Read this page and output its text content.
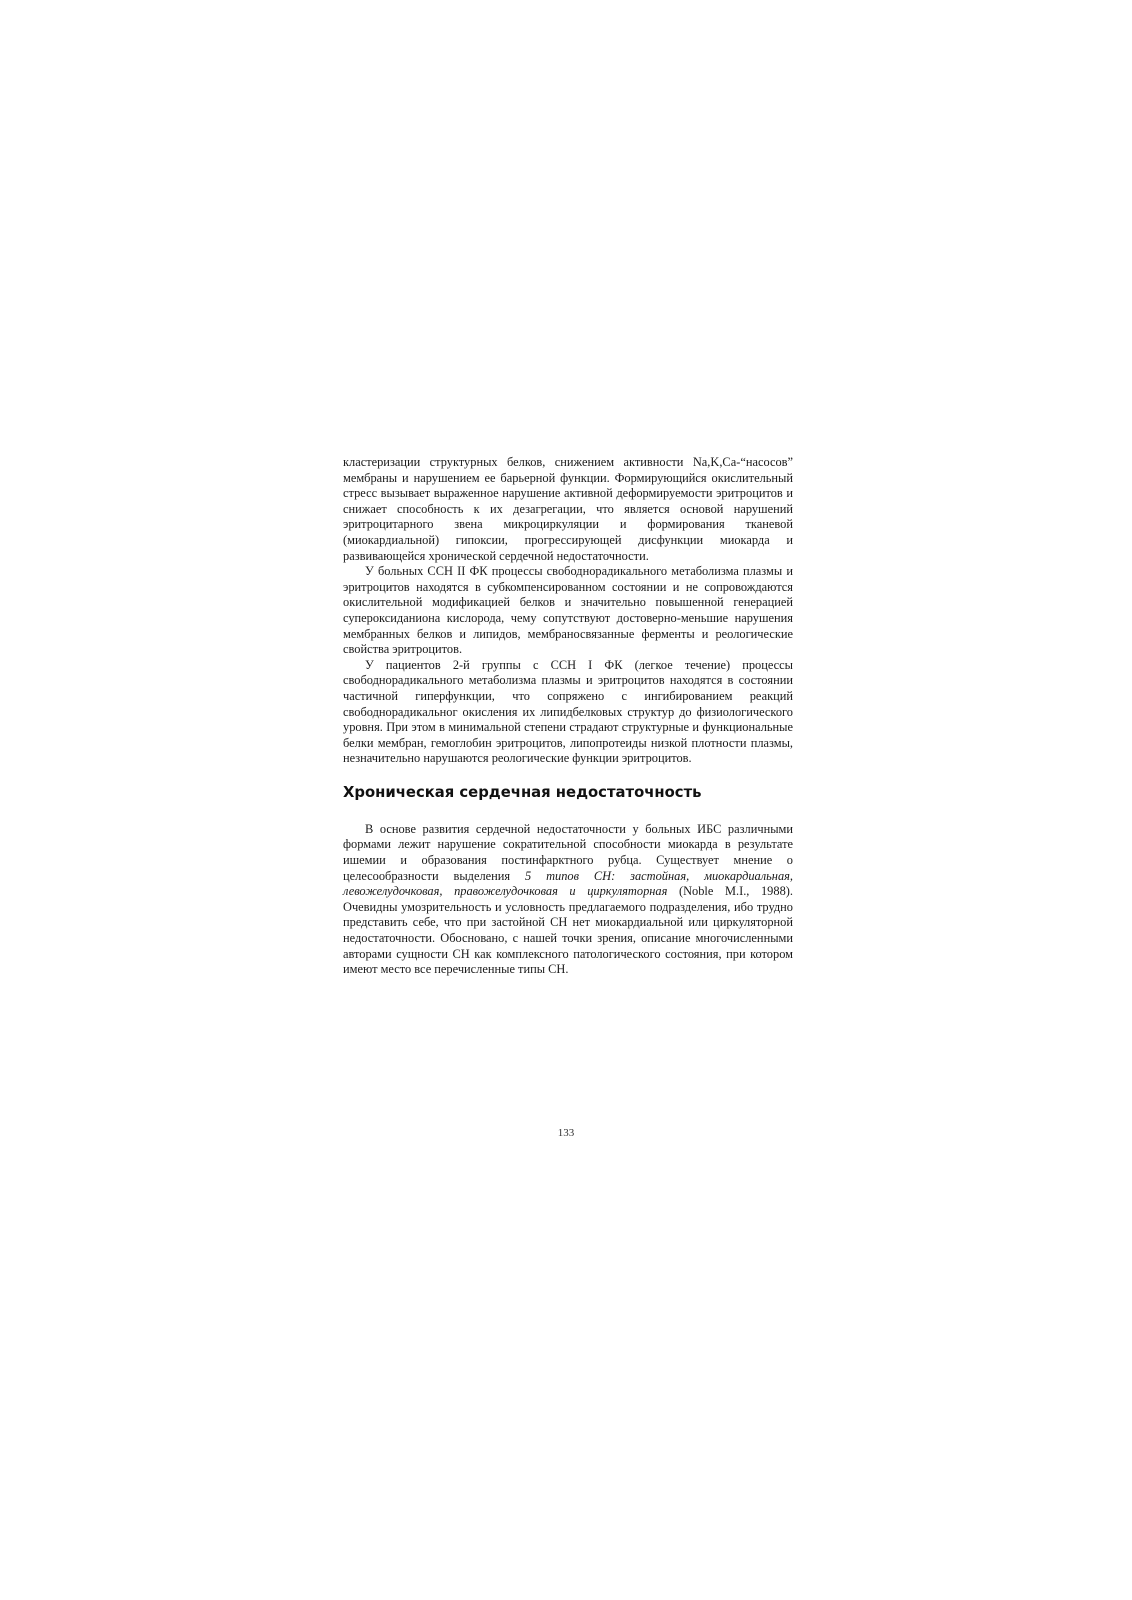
кластеризации структурных белков, снижением активности Na,K,Ca-“насосов” мембраны и нарушением ее барьерной функции. Формирующийся окислительный стресс вызывает выраженное нарушение активной деформируемости эритроцитов и снижает способность к их дезагрегации, что является основой нарушений эритроцитарного звена микроциркуляции и формирования тканевой (миокардиальной) гипоксии, прогрессирующей дисфункции миокарда и развивающейся хронической сердечной недостаточности.

У больных ССН II ФК процессы свободнорадикального метаболизма плазмы и эритроцитов находятся в субкомпенсированном состоянии и не сопровождаются окислительной модификацией белков и значительно повышенной генерацией супероксиданиона кислорода, чему сопутствуют достоверно-меньшие нарушения мембранных белков и липидов, мембраносвязанные ферменты и реологические свойства эритроцитов.

У пациентов 2-й группы с ССН I ФК (легкое течение) процессы свободнорадикального метаболизма плазмы и эритроцитов находятся в состоянии частичной гиперфункции, что сопряжено с ингибированием реакций свободнорадикальног окисления их липидбелковых структур до физиологического уровня. При этом в минимальной степени страдают структурные и функциональные белки мембран, гемоглобин эритроцитов, липопротеиды низкой плотности плазмы, незначительно нарушаются реологические функции эритроцитов.

Хроническая сердечная недостаточность

В основе развития сердечной недостаточности у больных ИБС различными формами лежит нарушение сократительной способности миокарда в результате ишемии и образования постинфарктного рубца. Существует мнение о целесообразности выделения 5 типов СН: застойная, миокардиальная, левожелудочковая, правожелудочковая и циркуляторная (Noble M.I., 1988). Очевидны умозрительность и условность предлагаемого подразделения, ибо трудно представить себе, что при застойной СН нет миокардиальной или циркуляторной недостаточности. Обосновано, с нашей точки зрения, описание многочисленными авторами сущности СН как комплексного патологического состояния, при котором имеют место все перечисленные типы СН.

133
